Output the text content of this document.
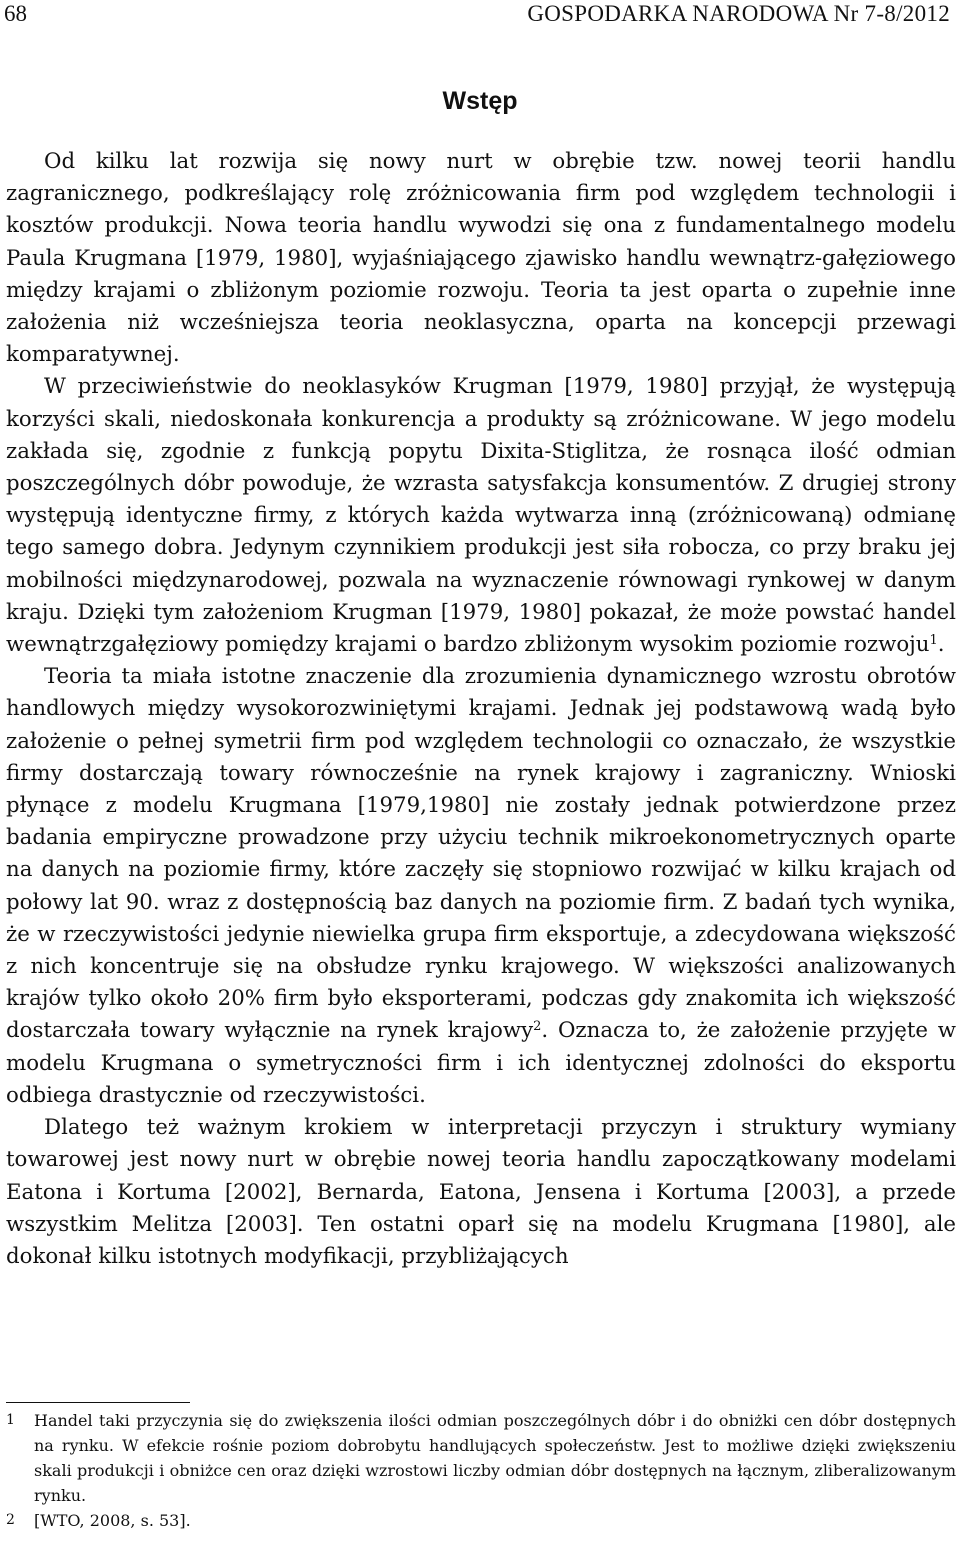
68	GOSPODARKA NARODOWA Nr 7-8/2012
Wstęp

Od kilku lat rozwija się nowy nurt w obrębie tzw. nowej teorii handlu zagranicznego, podkreślający rolę zróżnicowania firm pod względem technologii i kosztów produkcji. Nowa teoria handlu wywodzi się ona z fundamentalnego modelu Paula Krugmana [1979, 1980], wyjaśniającego zjawisko handlu wewnątrz-gałęziowego między krajami o zbliżonym poziomie rozwoju. Teoria ta jest oparta o zupełnie inne założenia niż wcześniejsza teoria neoklasyczna, oparta na koncepcji przewagi komparatywnej.

W przeciwieństwie do neoklasyków Krugman [1979, 1980] przyjął, że występują korzyści skali, niedoskonała konkurencja a produkty są zróżnicowane. W jego modelu zakłada się, zgodnie z funkcją popytu Dixita-Stiglitza, że rosnąca ilość odmian poszczególnych dóbr powoduje, że wzrasta satysfakcja konsumentów. Z drugiej strony występują identyczne firmy, z których każda wytwarza inną (zróżnicowaną) odmianę tego samego dobra. Jedynym czynnikiem produkcji jest siła robocza, co przy braku jej mobilności międzynarodowej, pozwala na wyznaczenie równowagi rynkowej w danym kraju. Dzięki tym założeniom Krugman [1979, 1980] pokazał, że może powstać handel wewnątrzgałęziowy pomiędzy krajami o bardzo zbliżonym wysokim poziomie rozwoju$^1$.

Teoria ta miała istotne znaczenie dla zrozumienia dynamicznego wzrostu obrotów handlowych między wysokorozwiniętymi krajami. Jednak jej podstawową wadą było założenie o pełnej symetrii firm pod względem technologii co oznaczało, że wszystkie firmy dostarczają towary równocześnie na rynek krajowy i zagraniczny. Wnioski płynące z modelu Krugmana [1979,1980] nie zostały jednak potwierdzone przez badania empiryczne prowadzone przy użyciu technik mikroekonometrycznych oparte na danych na poziomie firmy, które zaczęły się stopniowo rozwijać w kilku krajach od połowy lat 90. wraz z dostępnością baz danych na poziomie firm. Z badań tych wynika, że w rzeczywistości jedynie niewielka grupa firm eksportuje, a zdecydowana większość z nich koncentruje się na obsłudze rynku krajowego. W większości analizowanych krajów tylko około 20% firm było eksporterami, podczas gdy znakomita ich większość dostarczała towary wyłącznie na rynek krajowy$^2$. Oznacza to, że założenie przyjęte w modelu Krugmana o symetryczności firm i ich identycznej zdolności do eksportu odbiega drastycznie od rzeczywistości.

Dlatego też ważnym krokiem w interpretacji przyczyn i struktury wymiany towarowej jest nowy nurt w obrębie nowej teoria handlu zapoczątkowany modelami Eatona i Kortuma [2002], Bernarda, Eatona, Jensena i Kortuma [2003], a przede wszystkim Melitza [2003]. Ten ostatni oparł się na modelu Krugmana [1980], ale dokonał kilku istotnych modyfikacji, przybliżających

1	Handel taki przyczynia się do zwiększenia ilości odmian poszczególnych dóbr i do obniżki cen dóbr dostępnych na rynku. W efekcie rośnie poziom dobrobytu handlujących społeczeństw. Jest to możliwe dzięki zwiększeniu skali produkcji i obniżce cen oraz dzięki wzrostowi liczby odmian dóbr dostępnych na łącznym, zliberalizowanym rynku.
2	[WTO, 2008, s. 53].
